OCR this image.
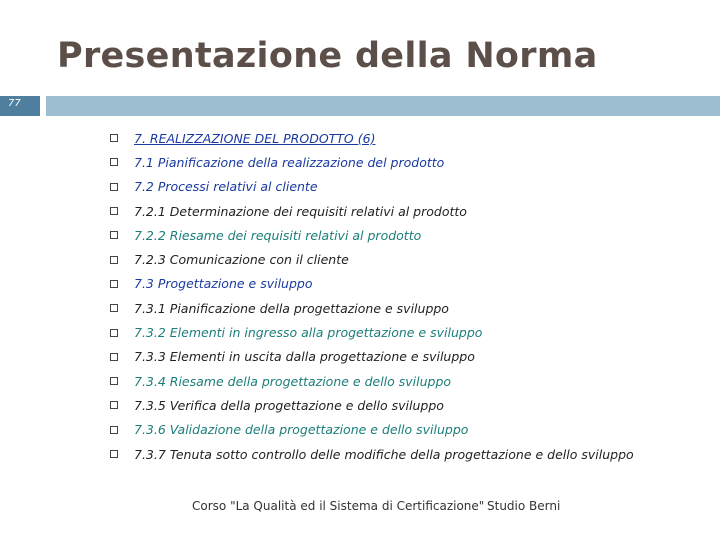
Presentazione della Norma
77
7. REALIZZAZIONE DEL PRODOTTO (6)
7.1 Pianificazione della realizzazione del prodotto
7.2 Processi relativi al cliente
7.2.1 Determinazione dei requisiti relativi al prodotto
7.2.2 Riesame dei requisiti relativi al prodotto
7.2.3 Comunicazione con il cliente
7.3 Progettazione e sviluppo
7.3.1 Pianificazione della progettazione e sviluppo
7.3.2 Elementi in ingresso alla progettazione e sviluppo
7.3.3 Elementi in uscita dalla progettazione e sviluppo
7.3.4 Riesame della progettazione e dello sviluppo
7.3.5 Verifica della progettazione e dello sviluppo
7.3.6 Validazione della progettazione e dello sviluppo
7.3.7 Tenuta sotto controllo delle modifiche della progettazione e dello sviluppo
Corso "La Qualità ed il Sistema di Certificazione" Studio Berni
